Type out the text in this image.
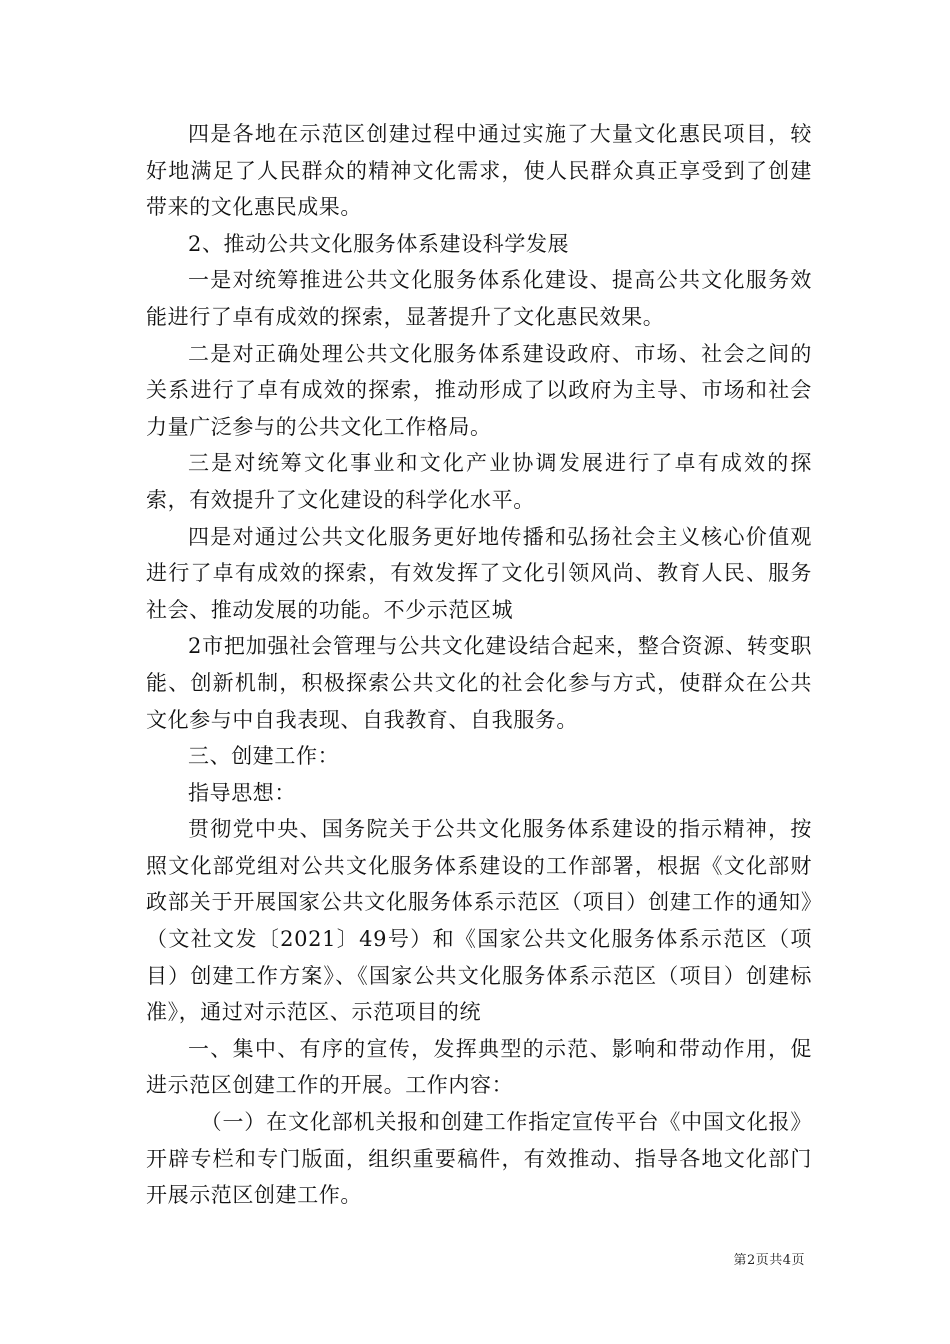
四是各地在示范区创建过程中通过实施了大量文化惠民项目，较好地满足了人民群众的精神文化需求，使人民群众真正享受到了创建带来的文化惠民成果。

2、推动公共文化服务体系建设科学发展

一是对统筹推进公共文化服务体系化建设、提高公共文化服务效能进行了卓有成效的探索，显著提升了文化惠民效果。

二是对正确处理公共文化服务体系建设政府、市场、社会之间的关系进行了卓有成效的探索，推动形成了以政府为主导、市场和社会力量广泛参与的公共文化工作格局。

三是对统筹文化事业和文化产业协调发展进行了卓有成效的探索，有效提升了文化建设的科学化水平。

四是对通过公共文化服务更好地传播和弘扬社会主义核心价值观进行了卓有成效的探索，有效发挥了文化引领风尚、教育人民、服务社会、推动发展的功能。不少示范区城

2市把加强社会管理与公共文化建设结合起来，整合资源、转变职能、创新机制，积极探索公共文化的社会化参与方式，使群众在公共文化参与中自我表现、自我教育、自我服务。

三、创建工作：

指导思想：

贯彻党中央、国务院关于公共文化服务体系建设的指示精神，按照文化部党组对公共文化服务体系建设的工作部署，根据《文化部财政部关于开展国家公共文化服务体系示范区（项目）创建工作的通知》（文社文发〔2021〕49号）和《国家公共文化服务体系示范区（项目）创建工作方案》、《国家公共文化服务体系示范区（项目）创建标准》，通过对示范区、示范项目的统

一、集中、有序的宣传，发挥典型的示范、影响和带动作用，促进示范区创建工作的开展。工作内容：

（一）在文化部机关报和创建工作指定宣传平台《中国文化报》开辟专栏和专门版面，组织重要稿件，有效推动、指导各地文化部门开展示范区创建工作。

第2页共4页
